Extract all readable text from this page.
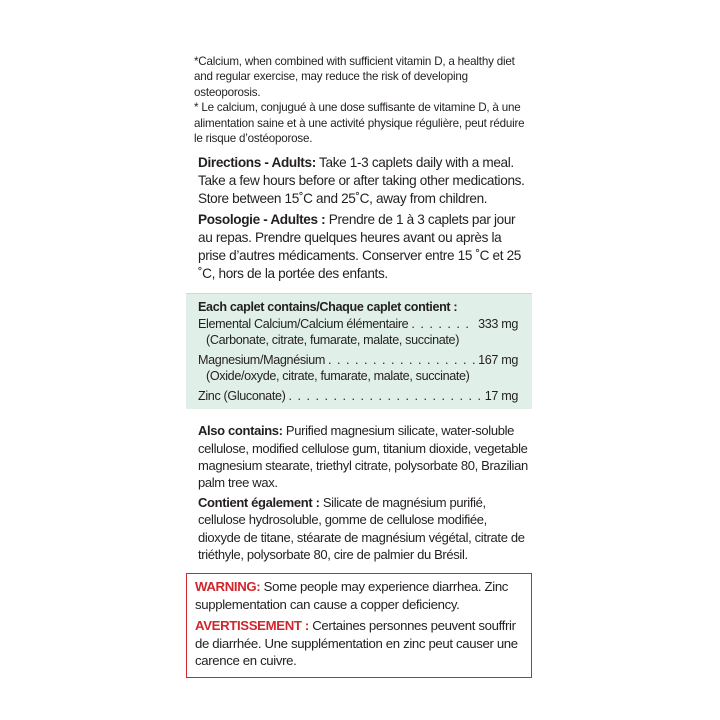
*Calcium, when combined with sufficient vitamin D, a healthy diet and regular exercise, may reduce the risk of developing osteoporosis.

* Le calcium, conjugué à une dose suffisante de vitamine D, à une alimentation saine et à une activité physique régulière, peut réduire le risque d’ostéoporose.

Directions - Adults: Take 1-3 caplets daily with a meal. Take a few hours before or after taking other medications. Store between 15˚C and 25˚C, away from children.

Posologie - Adultes : Prendre de 1 à 3 caplets par jour au repas. Prendre quelques heures avant ou après la prise d’autres médicaments. Conserver entre 15 ˚C et 25 ˚C, hors de la portée des enfants.

Each caplet contains/Chaque caplet contient :
Elemental Calcium/Calcium élémentaire . . .	333 mg
(Carbonate, citrate, fumarate, malate, succinate)
Magnesium/Magnésium . . .	167 mg
(Oxide/oxyde, citrate, fumarate, malate, succinate)
Zinc (Gluconate) . . .	17 mg

Also contains: Purified magnesium silicate, water-soluble cellulose, modified cellulose gum, titanium dioxide, vegetable magnesium stearate, triethyl citrate, polysorbate 80, Brazilian palm tree wax.

Contient également : Silicate de magnésium purifié, cellulose hydrosoluble, gomme de cellulose modifiée, dioxyde de titane, stéarate de magnésium végétal, citrate de triéthyle, polysorbate 80, cire de palmier du Brésil.

WARNING: Some people may experience diarrhea. Zinc supplementation can cause a copper deficiency.

AVERTISSEMENT : Certaines personnes peuvent souffrir de diarrhée. Une supplémentation en zinc peut causer une carence en cuivre.
